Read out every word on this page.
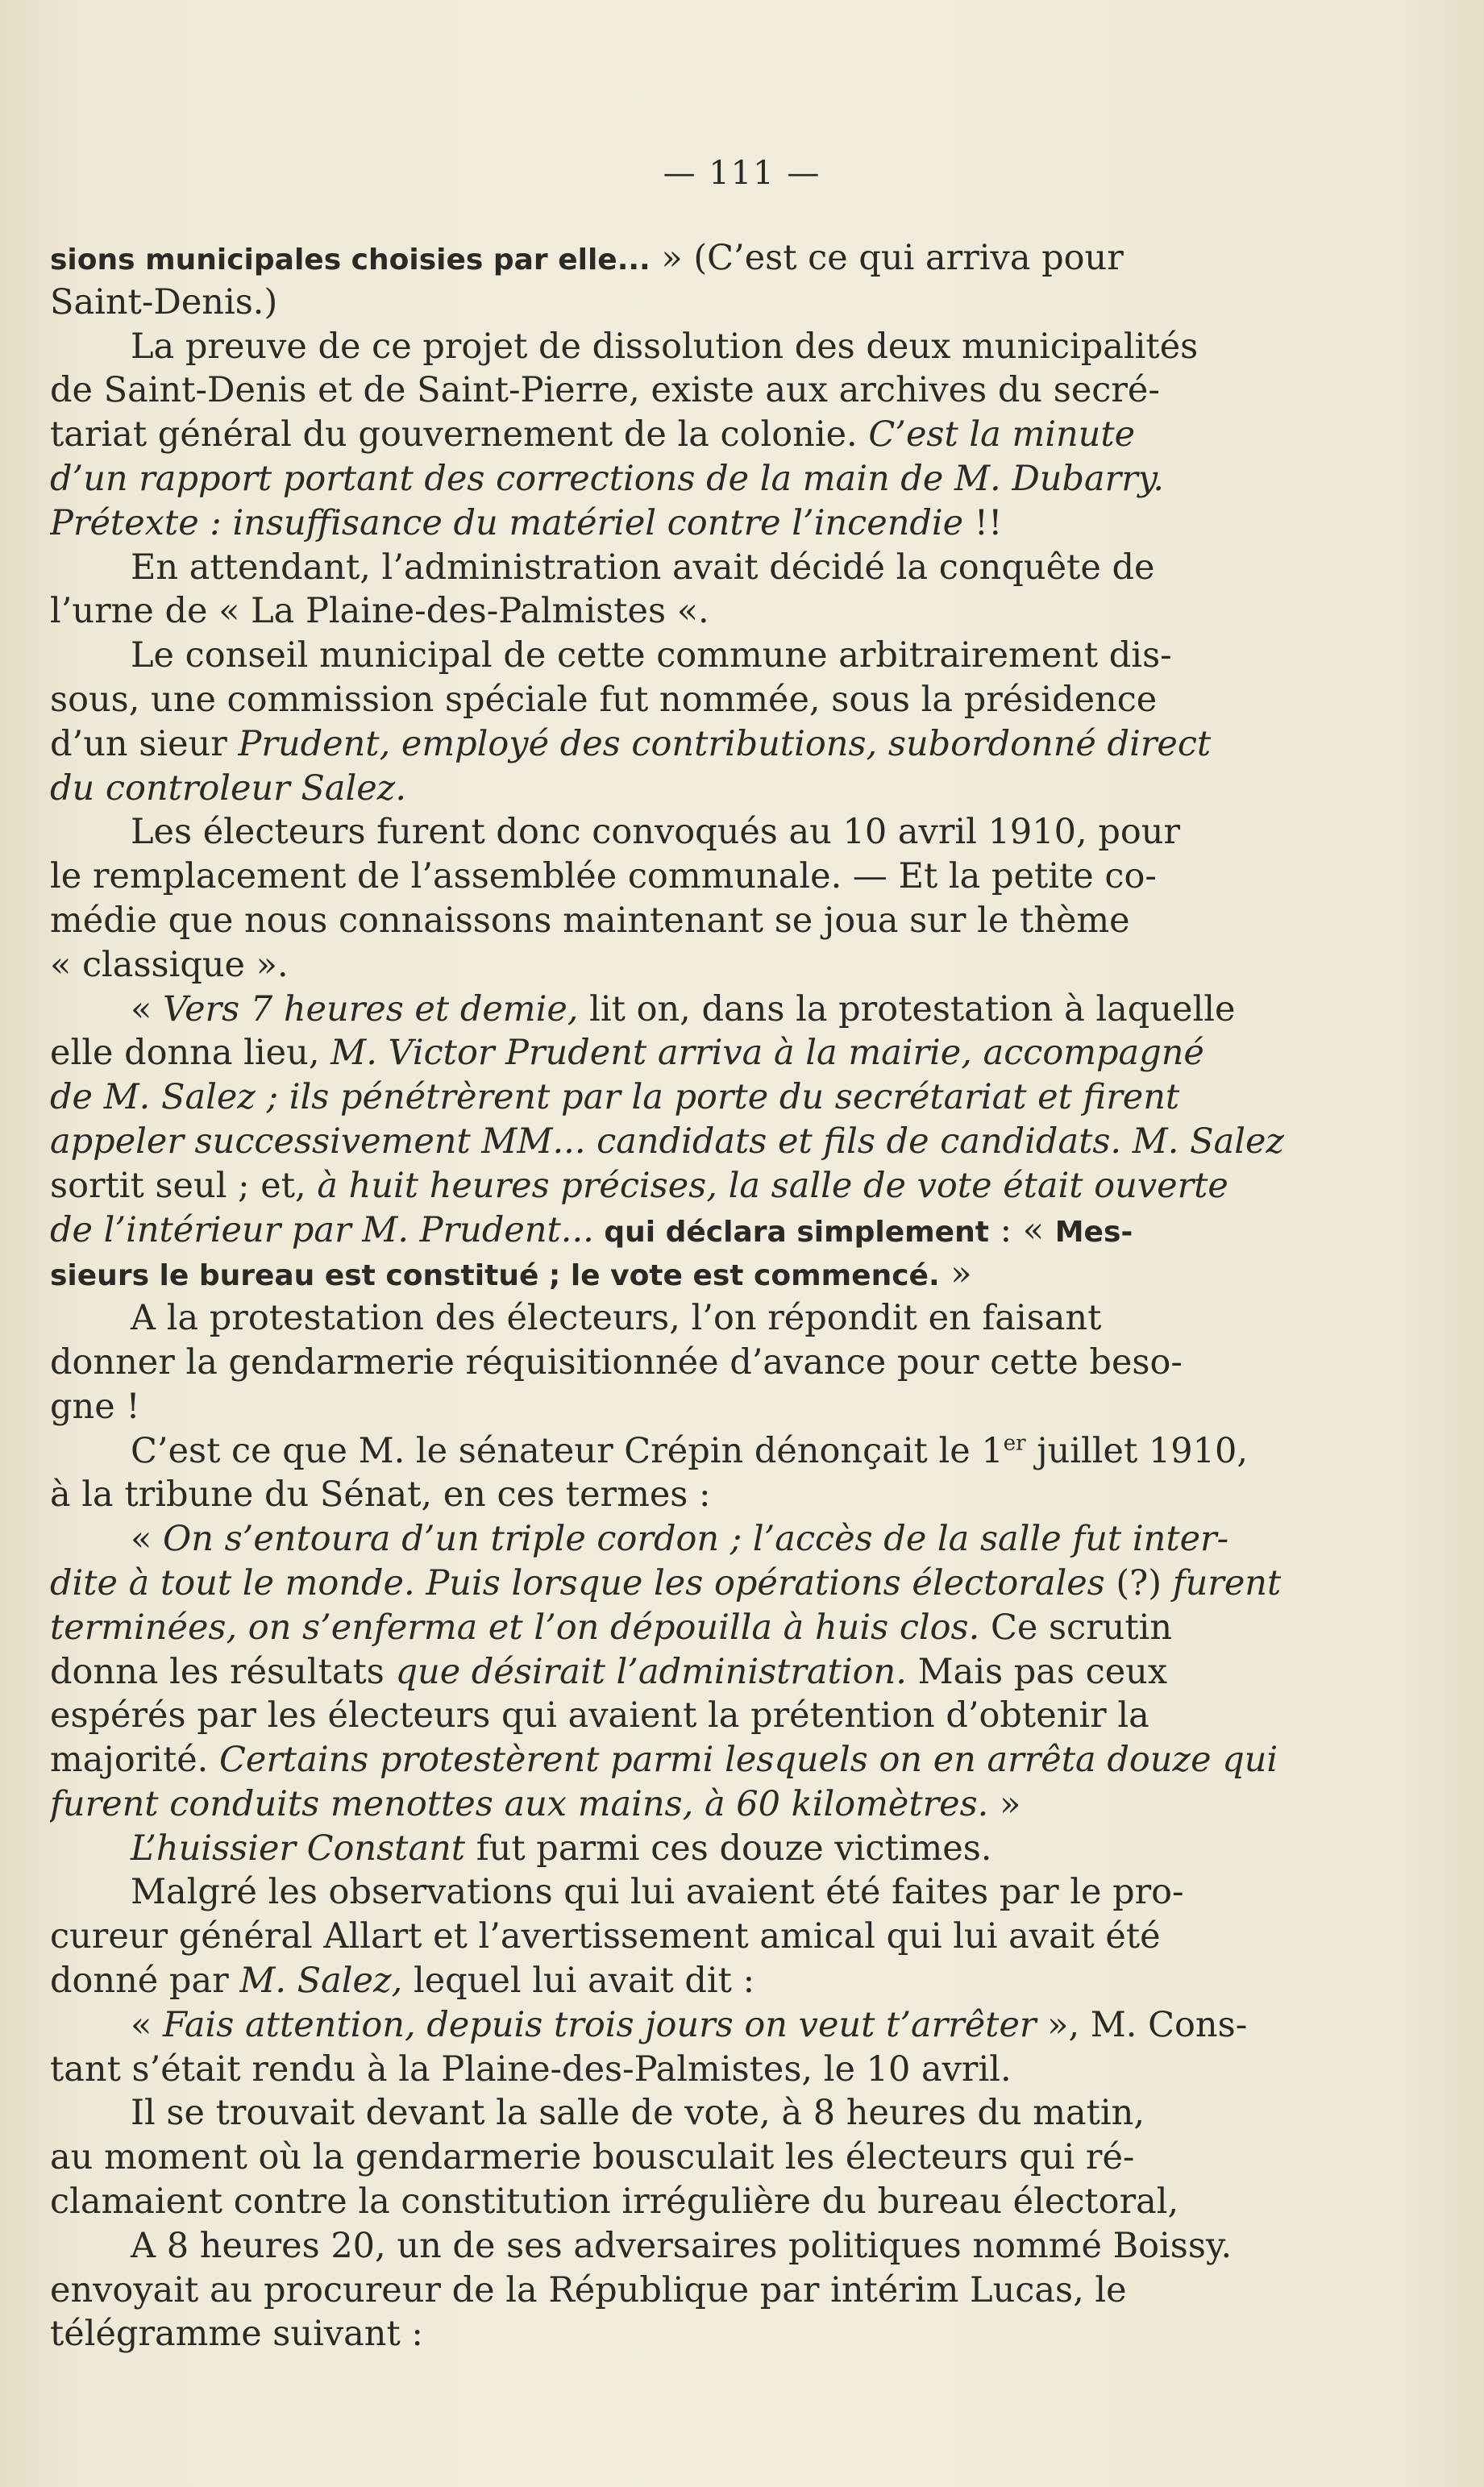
— 111 —
sions municipales choisies par elle... » (C’est ce qui arriva pour
Saint-Denis.)
La preuve de ce projet de dissolution des deux municipalités
de Saint-Denis et de Saint-Pierre, existe aux archives du secré-
tariat général du gouvernement de la colonie. C’est la minute
d’un rapport portant des corrections de la main de M. Dubarry.
Prétexte : insuffisance du matériel contre l’incendie !!
En attendant, l’administration avait décidé la conquête de
l’urne de « La Plaine-des-Palmistes «.
Le conseil municipal de cette commune arbitrairement dis-
sous, une commission spéciale fut nommée, sous la présidence
d’un sieur Prudent, employé des contributions, subordonné direct
du controleur Salez.
Les électeurs furent donc convoqués au 10 avril 1910, pour
le remplacement de l’assemblée communale. — Et la petite co-
médie que nous connaissons maintenant se joua sur le thème
« classique ».
« Vers 7 heures et demie, lit on, dans la protestation à laquelle
elle donna lieu, M. Victor Prudent arriva à la mairie, accompagné
de M. Salez ; ils pénétrèrent par la porte du secrétariat et firent
appeler successivement MM... candidats et fils de candidats. M. Salez
sortit seul ; et, à huit heures précises, la salle de vote était ouverte
de l’intérieur par M. Prudent... qui déclara simplement : « Mes-
sieurs le bureau est constitué ; le vote est commencé. »
A la protestation des électeurs, l’on répondit en faisant
donner la gendarmerie réquisitionnée d’avance pour cette beso-
gne !
C’est ce que M. le sénateur Crépin dénonçait le 1er juillet 1910,
à la tribune du Sénat, en ces termes :
« On s’entoura d’un triple cordon ; l’accès de la salle fut inter-
dite à tout le monde. Puis lorsque les opérations électorales (?) furent
terminées, on s’enferma et l’on dépouilla à huis clos. Ce scrutin
donna les résultats que désirait l’administration. Mais pas ceux
espérés par les électeurs qui avaient la prétention d’obtenir la
majorité. Certains protestèrent parmi lesquels on en arrêta douze qui
furent conduits menottes aux mains, à 60 kilomètres. »
L’huissier Constant fut parmi ces douze victimes.
Malgré les observations qui lui avaient été faites par le pro-
cureur général Allart et l’avertissement amical qui lui avait été
donné par M. Salez, lequel lui avait dit :
« Fais attention, depuis trois jours on veut t’arrêter », M. Cons-
tant s’était rendu à la Plaine-des-Palmistes, le 10 avril.
Il se trouvait devant la salle de vote, à 8 heures du matin,
au moment où la gendarmerie bousculait les électeurs qui ré-
clamaient contre la constitution irrégulière du bureau électoral,
A 8 heures 20, un de ses adversaires politiques nommé Boissy.
envoyait au procureur de la République par intérim Lucas, le
télégramme suivant :
